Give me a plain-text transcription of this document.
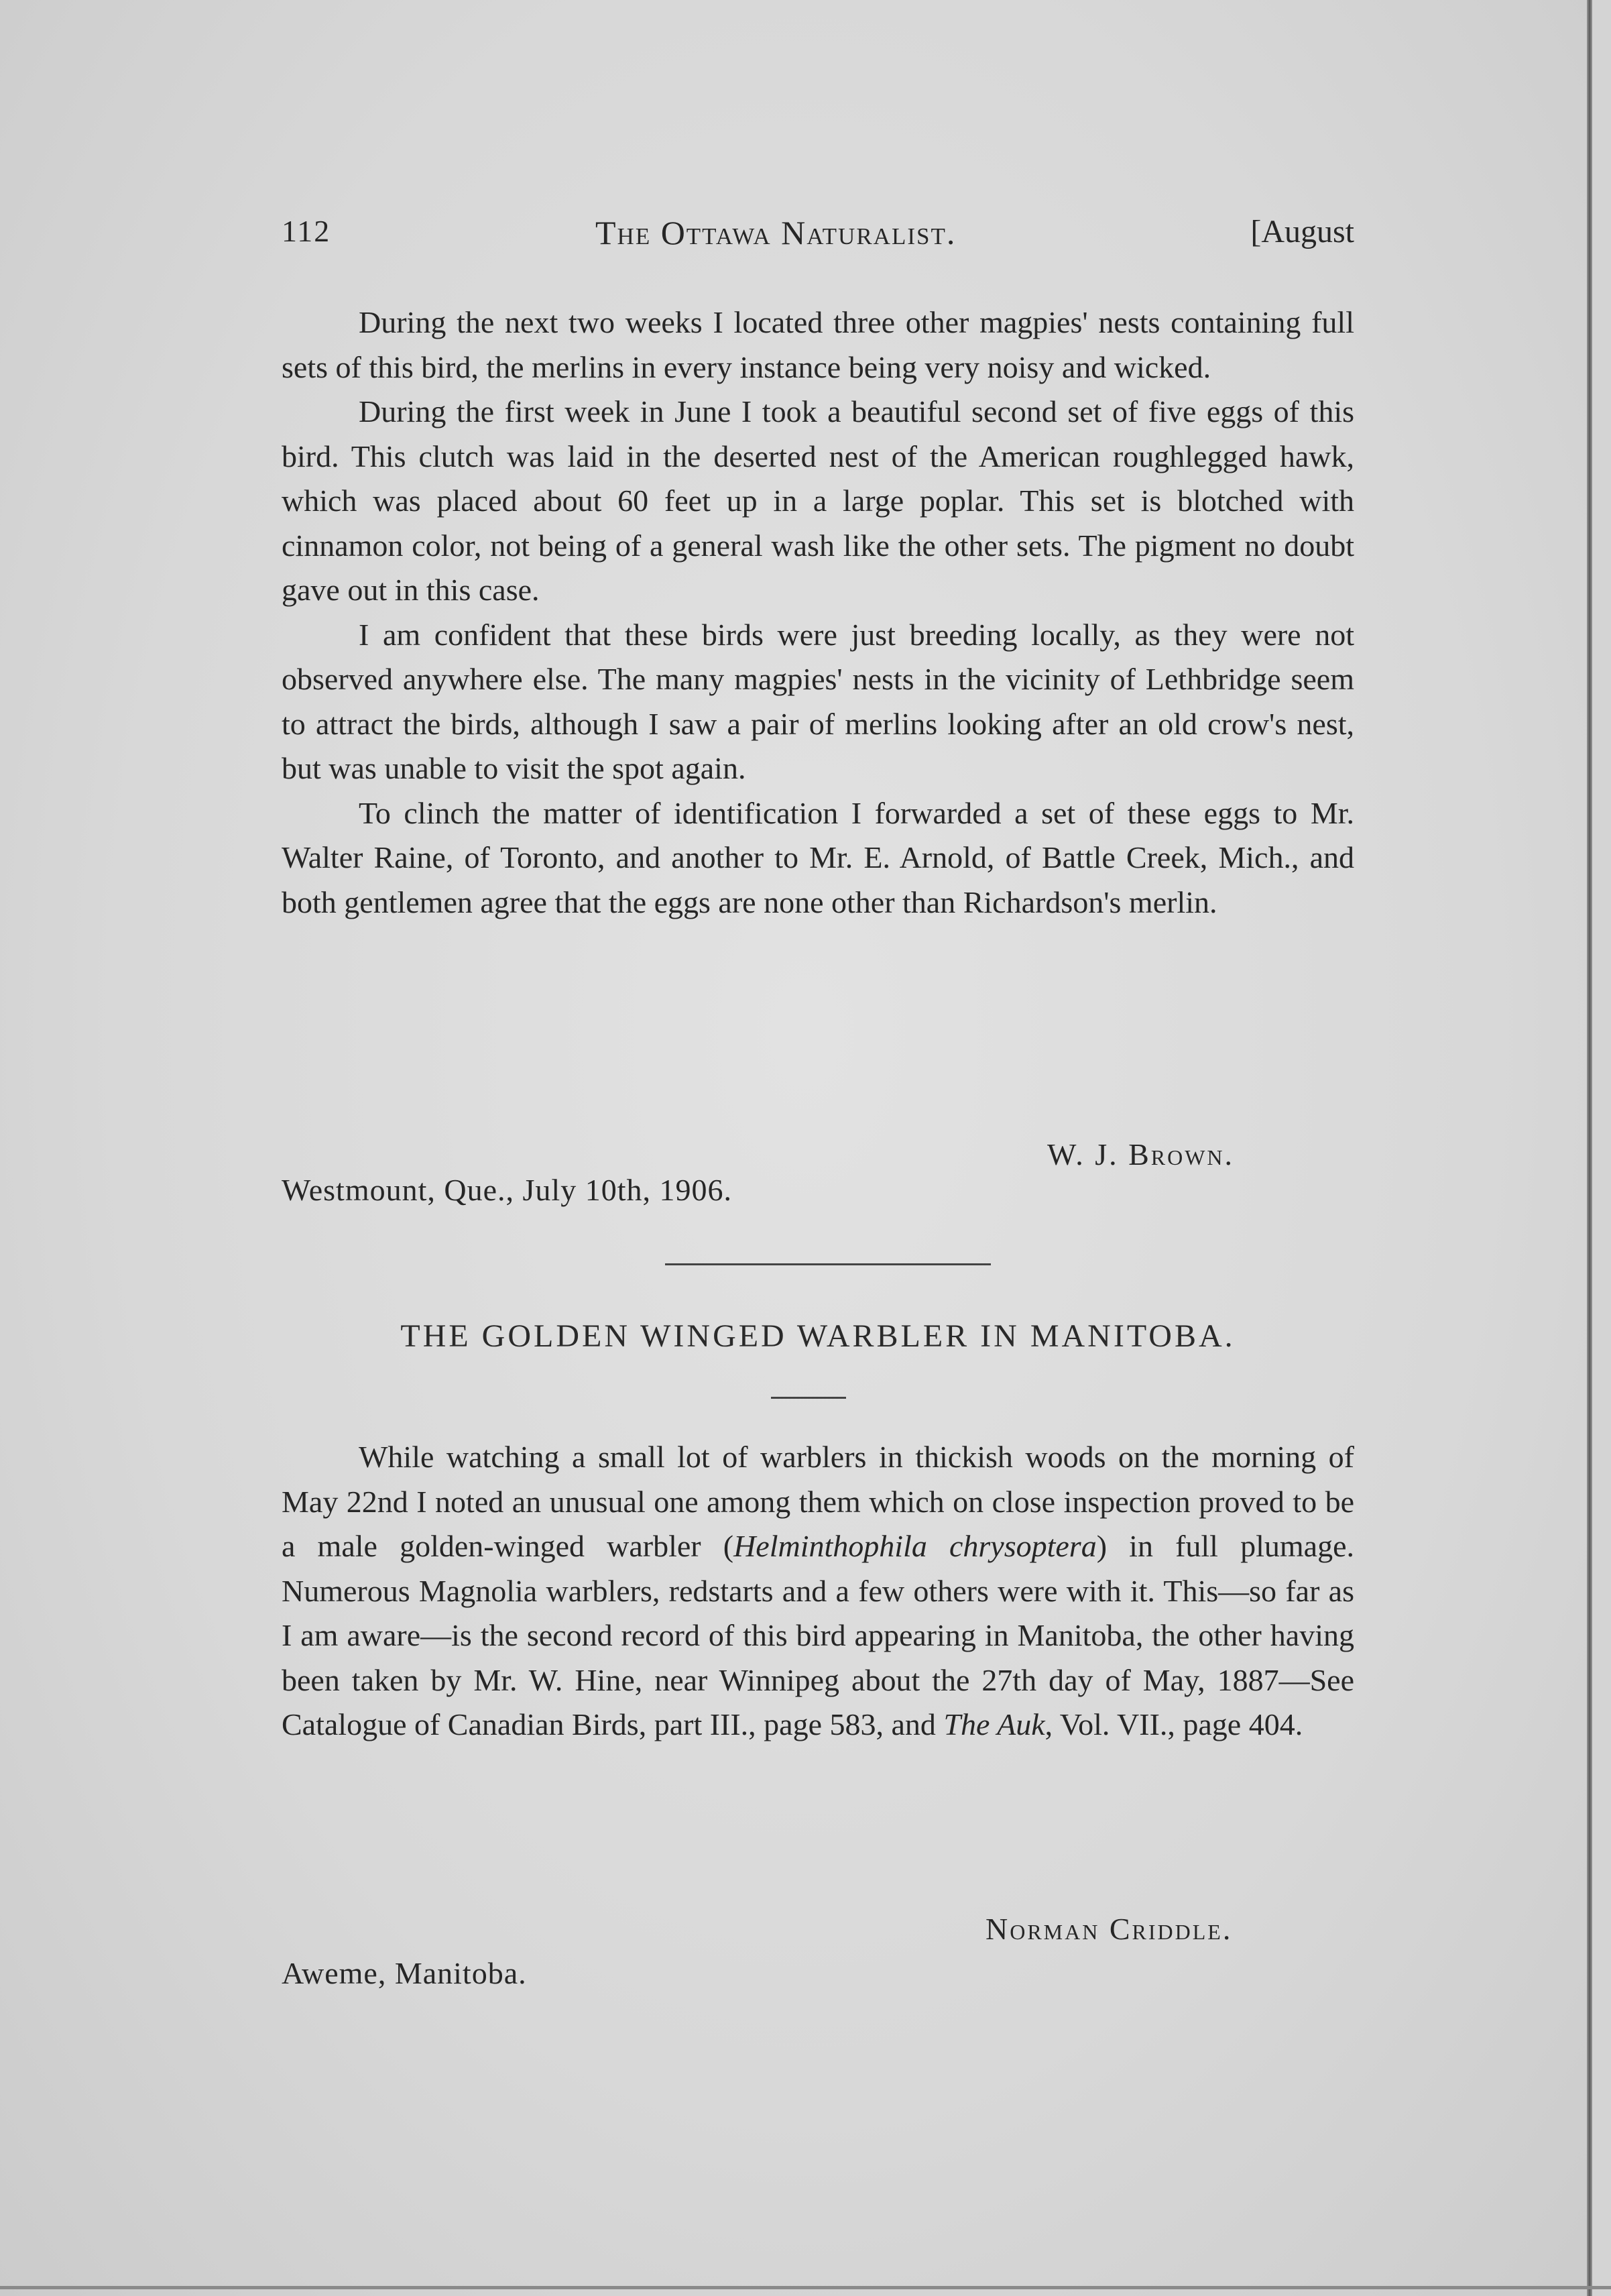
112	The Ottawa Naturalist.	[August

During the next two weeks I located three other magpies' nests containing full sets of this bird, the merlins in every instance being very noisy and wicked.

During the first week in June I took a beautiful second set of five eggs of this bird. This clutch was laid in the deserted nest of the American roughlegged hawk, which was placed about 60 feet up in a large poplar. This set is blotched with cinnamon color, not being of a general wash like the other sets. The pigment no doubt gave out in this case.

I am confident that these birds were just breeding locally, as they were not observed anywhere else. The many magpies' nests in the vicinity of Lethbridge seem to attract the birds, although I saw a pair of merlins looking after an old crow's nest, but was unable to visit the spot again.

To clinch the matter of identification I forwarded a set of these eggs to Mr. Walter Raine, of Toronto, and another to Mr. E. Arnold, of Battle Creek, Mich., and both gentlemen agree that the eggs are none other than Richardson's merlin.

W. J. Brown.
Westmount, Que., July 10th, 1906.
THE GOLDEN WINGED WARBLER IN MANITOBA.

While watching a small lot of warblers in thickish woods on the morning of May 22nd I noted an unusual one among them which on close inspection proved to be a male golden-winged warbler (Helminthophila chrysoptera) in full plumage. Numerous Magnolia warblers, redstarts and a few others were with it. This—so far as I am aware—is the second record of this bird appearing in Manitoba, the other having been taken by Mr. W. Hine, near Winnipeg about the 27th day of May, 1887—See Catalogue of Canadian Birds, part III., page 583, and The Auk, Vol. VII., page 404.

Norman Criddle.
Aweme, Manitoba.
